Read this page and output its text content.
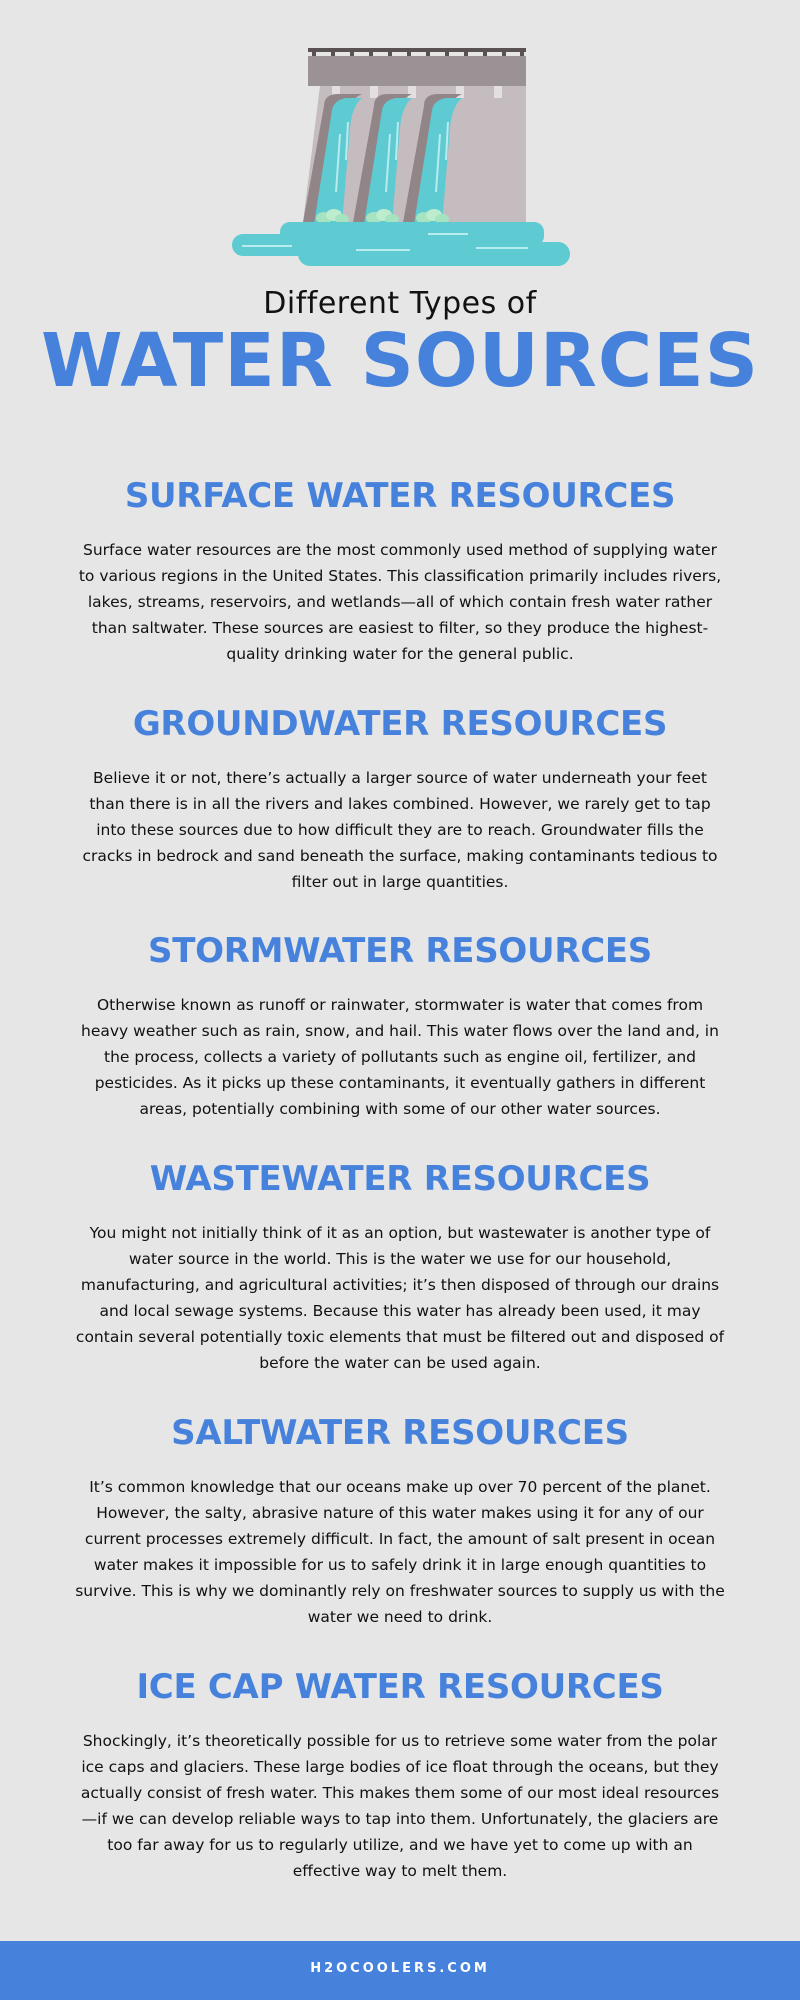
Different Types of
WATER SOURCES
SURFACE WATER RESOURCES

Surface water resources are the most commonly used method of supplying water to various regions in the United States. This classification primarily includes rivers, lakes, streams, reservoirs, and wetlands—all of which contain fresh water rather than saltwater. These sources are easiest to filter, so they produce the highest-quality drinking water for the general public.

GROUNDWATER RESOURCES

Believe it or not, there’s actually a larger source of water underneath your feet than there is in all the rivers and lakes combined. However, we rarely get to tap into these sources due to how difficult they are to reach. Groundwater fills the cracks in bedrock and sand beneath the surface, making contaminants tedious to filter out in large quantities.

STORMWATER RESOURCES

Otherwise known as runoff or rainwater, stormwater is water that comes from heavy weather such as rain, snow, and hail. This water flows over the land and, in the process, collects a variety of pollutants such as engine oil, fertilizer, and pesticides. As it picks up these contaminants, it eventually gathers in different areas, potentially combining with some of our other water sources.

WASTEWATER RESOURCES

You might not initially think of it as an option, but wastewater is another type of water source in the world. This is the water we use for our household, manufacturing, and agricultural activities; it’s then disposed of through our drains and local sewage systems. Because this water has already been used, it may contain several potentially toxic elements that must be filtered out and disposed of before the water can be used again.

SALTWATER RESOURCES

It’s common knowledge that our oceans make up over 70 percent of the planet. However, the salty, abrasive nature of this water makes using it for any of our current processes extremely difficult. In fact, the amount of salt present in ocean water makes it impossible for us to safely drink it in large enough quantities to survive. This is why we dominantly rely on freshwater sources to supply us with the water we need to drink.

ICE CAP WATER RESOURCES

Shockingly, it’s theoretically possible for us to retrieve some water from the polar ice caps and glaciers. These large bodies of ice float through the oceans, but they actually consist of fresh water. This makes them some of our most ideal resources—if we can develop reliable ways to tap into them. Unfortunately, the glaciers are too far away for us to regularly utilize, and we have yet to come up with an effective way to melt them.

H2OCOOLERS.COM
